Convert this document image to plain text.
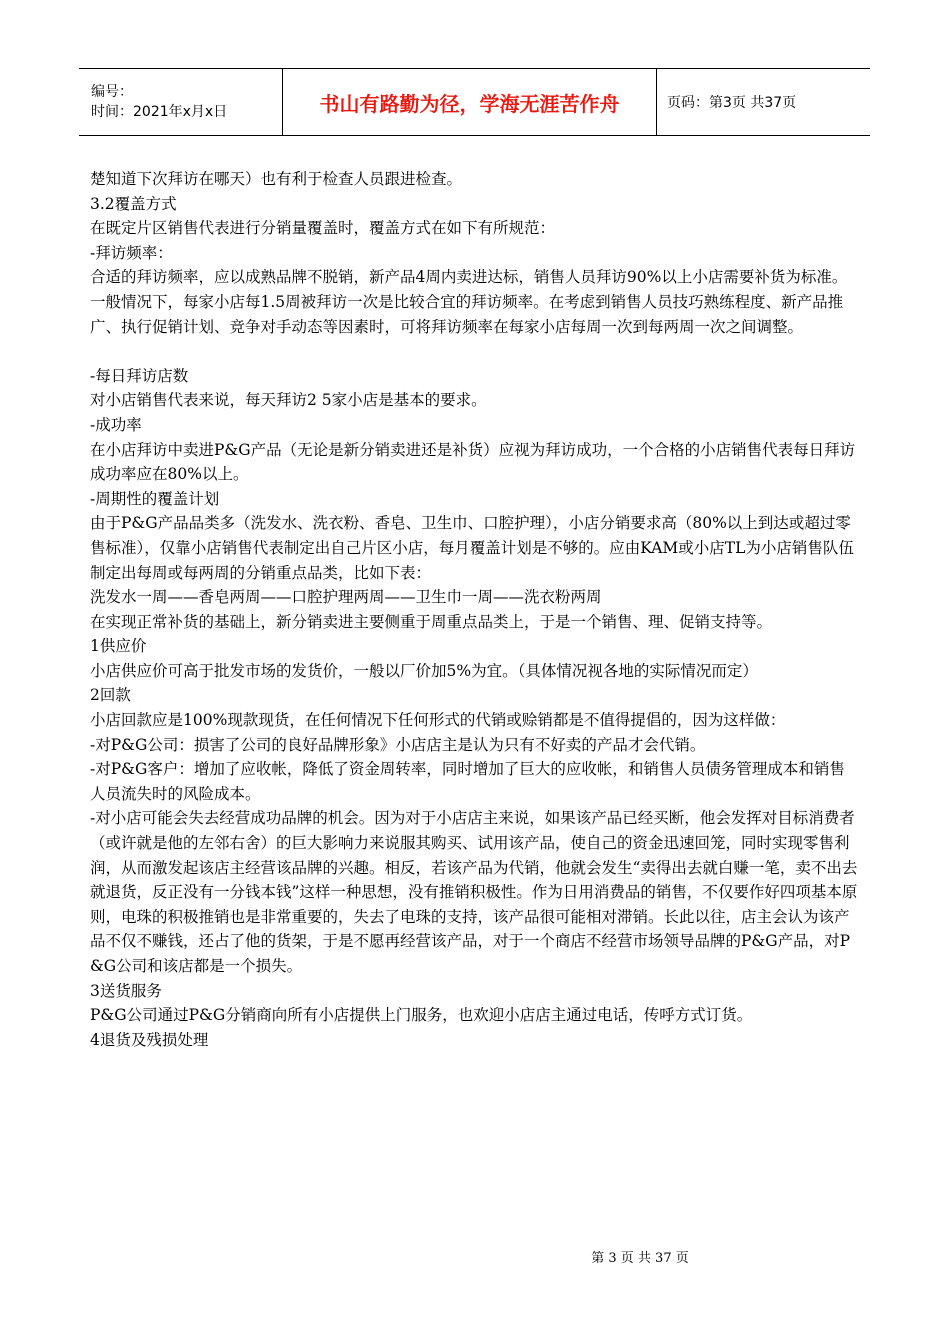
编号：
时间：2021年x月x日	书山有路勤为径，学海无涯苦作舟	页码：第3页 共37页

楚知道下次拜访在哪天）也有利于检查人员跟进检查。

3.2覆盖方式

在既定片区销售代表进行分销量覆盖时，覆盖方式在如下有所规范：

-拜访频率：

合适的拜访频率，应以成熟品牌不脱销，新产品4周内卖进达标，销售人员拜访90%以上小店需要补货为标准。一般情况下，每家小店每1.5周被拜访一次是比较合宜的拜访频率。在考虑到销售人员技巧熟练程度、新产品推广、执行促销计划、竞争对手动态等因素时，可将拜访频率在每家小店每周一次到每两周一次之间调整。

-每日拜访店数

对小店销售代表来说，每天拜访2 5家小店是基本的要求。

-成功率

在小店拜访中卖进P&G产品（无论是新分销卖进还是补货）应视为拜访成功，一个合格的小店销售代表每日拜访成功率应在80%以上。

-周期性的覆盖计划

由于P&G产品品类多（洗发水、洗衣粉、香皂、卫生巾、口腔护理），小店分销要求高（80%以上到达或超过零售标准），仅靠小店销售代表制定出自己片区小店，每月覆盖计划是不够的。应由KAM或小店TL为小店销售队伍制定出每周或每两周的分销重点品类，比如下表：

洗发水一周——香皂两周——口腔护理两周——卫生巾一周——洗衣粉两周

在实现正常补货的基础上，新分销卖进主要侧重于周重点品类上，于是一个销售、理、促销支持等。

1供应价

小店供应价可高于批发市场的发货价，一般以厂价加5%为宜。（具体情况视各地的实际情况而定）

2回款

小店回款应是100%现款现货，在任何情况下任何形式的代销或赊销都是不值得提倡的，因为这样做：

-对P&G公司：损害了公司的良好品牌形象》小店店主是认为只有不好卖的产品才会代销。

-对P&G客户：增加了应收帐，降低了资金周转率，同时增加了巨大的应收帐，和销售人员债务管理成本和销售人员流失时的风险成本。

-对小店可能会失去经营成功品牌的机会。因为对于小店店主来说，如果该产品已经买断，他会发挥对目标消费者（或许就是他的左邻右舍）的巨大影响力来说服其购买、试用该产品，使自己的资金迅速回笼，同时实现零售利润，从而激发起该店主经营该品牌的兴趣。相反，若该产品为代销，他就会发生“卖得出去就白赚一笔，卖不出去就退货，反正没有一分钱本钱”这样一种思想，没有推销积极性。作为日用消费品的销售，不仅要作好四项基本原则，电珠的积极推销也是非常重要的，失去了电珠的支持，该产品很可能相对滞销。长此以往，店主会认为该产品不仅不赚钱，还占了他的货架，于是不愿再经营该产品，对于一个商店不经营市场领导品牌的P&G产品，对P&G公司和该店都是一个损失。

3送货服务

P&G公司通过P&G分销商向所有小店提供上门服务，也欢迎小店店主通过电话，传呼方式订货。

4退货及残损处理

第 3 页 共 37 页
